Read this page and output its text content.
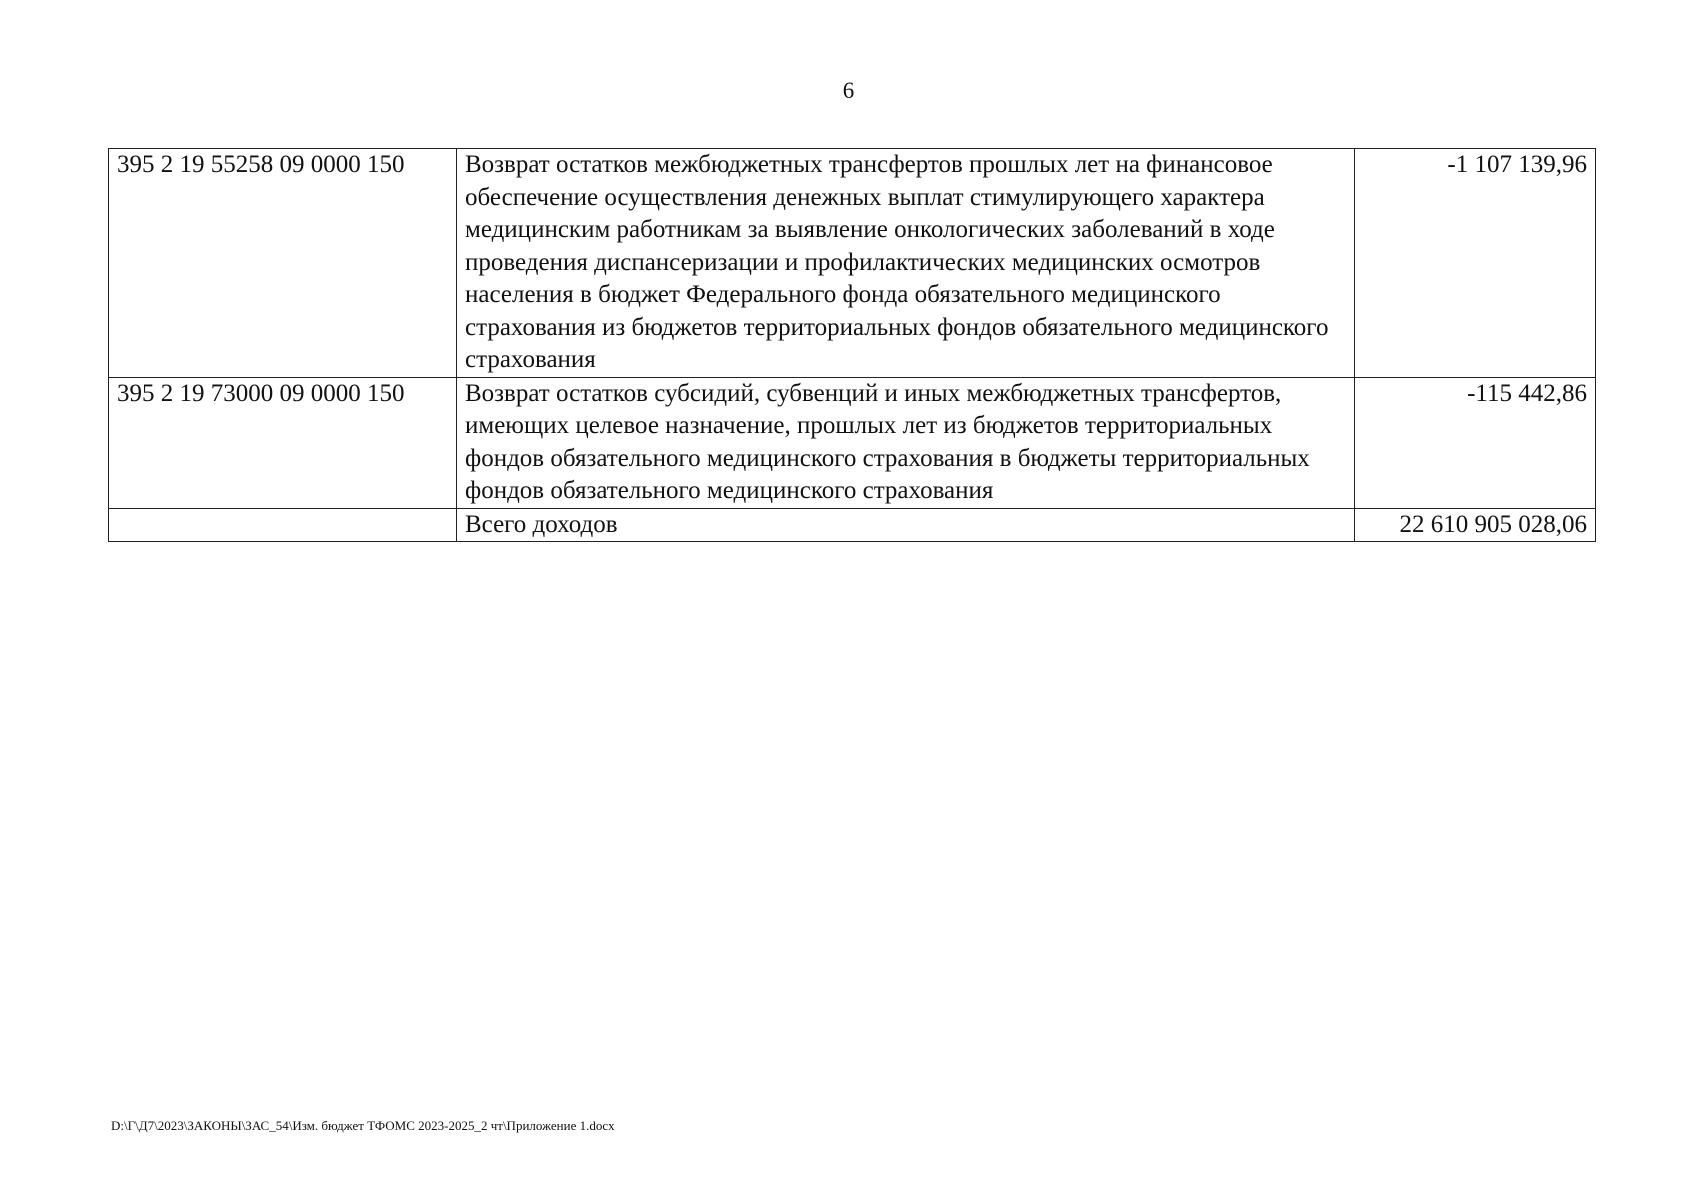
6
395 2 19 55258 09 0000 150	Возврат остатков межбюджетных трансфертов прошлых лет на финансовое обеспечение осуществления денежных выплат стимулирующего характера медицинским работникам за выявление онкологических заболеваний в ходе проведения диспансеризации и профилактических медицинских осмотров населения в бюджет Федерального фонда обязательного медицинского страхования из бюджетов территориальных фондов обязательного медицинского страхования	-1 107 139,96
395 2 19 73000 09 0000 150	Возврат остатков субсидий, субвенций и иных межбюджетных трансфертов, имеющих целевое назначение, прошлых лет из бюджетов территориальных фондов обязательного медицинского страхования в бюджеты территориальных фондов обязательного медицинского страхования	-115 442,86
	Всего доходов	22 610 905 028,06
D:\Г\Д7\2023\ЗАКОНЫ\ЗАС_54\Изм. бюджет ТФОМС 2023-2025_2 чт\Приложение 1.docx
